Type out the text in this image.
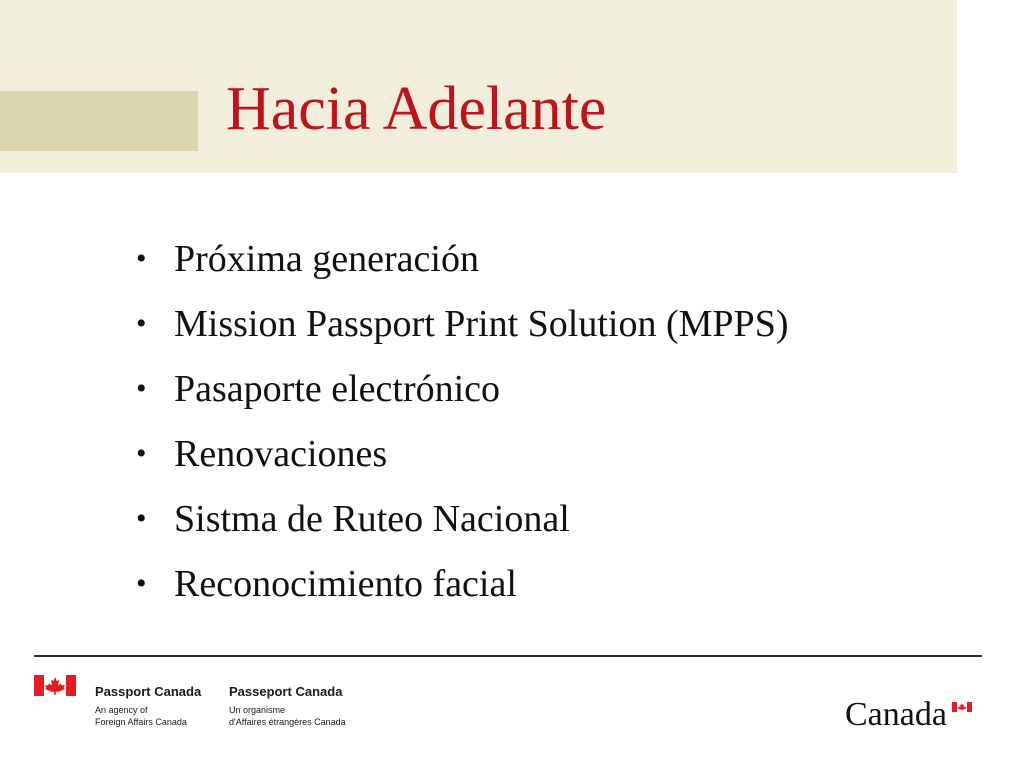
Hacia Adelante
• Próxima generación
• Mission Passport Print Solution (MPPS)
• Pasaporte electrónico
• Renovaciones
• Sistma de Ruteo Nacional
• Reconocimiento facial
Passport Canada
An agency of
Foreign Affairs Canada
Passeport Canada
Un organisme
d'Affaires étrangères Canada	Canada
